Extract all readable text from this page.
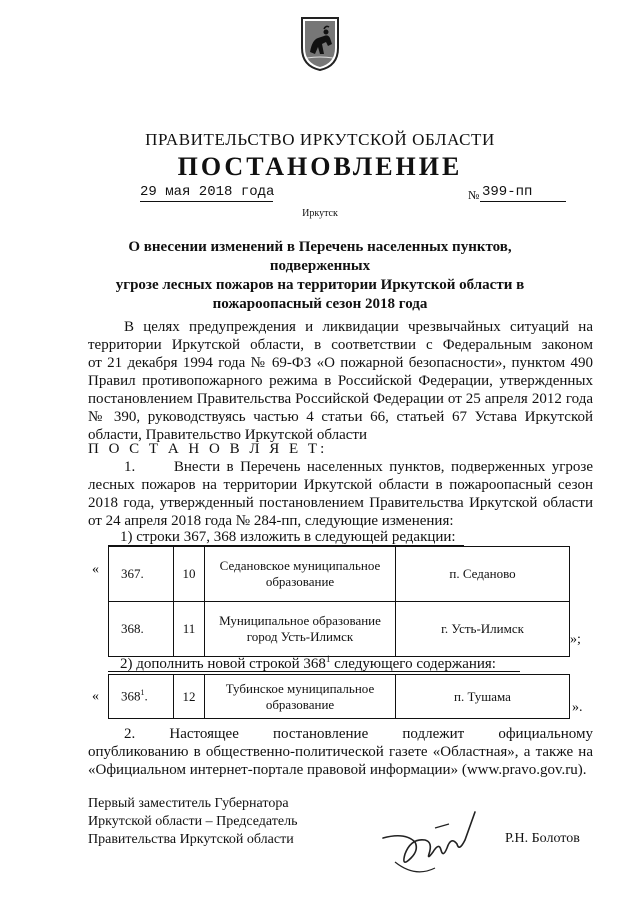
ПРАВИТЕЛЬСТВО ИРКУТСКОЙ ОБЛАСТИ
ПОСТАНОВЛЕНИЕ
29 мая 2018 года	№ 399-пп
Иркутск
О внесении изменений в Перечень населенных пунктов, подверженных
угрозе лесных пожаров на территории Иркутской области в
пожароопасный сезон 2018 года
В целях предупреждения и ликвидации чрезвычайных ситуаций на
территории Иркутской области, в соответствии с Федеральным законом
от 21 декабря 1994 года № 69-ФЗ «О пожарной безопасности», пунктом 490
Правил противопожарного режима в Российской Федерации, утвержденных
постановлением Правительства Российской Федерации от 25 апреля 2012 года
№ 390, руководствуясь частью 4 статьи 66, статьей 67 Устава Иркутской
области, Правительство Иркутской области
П О С Т А Н О В Л Я Е Т:
1.      Внести в Перечень населенных пунктов, подверженных угрозе
лесных пожаров на территории Иркутской области в пожароопасный сезон
2018 года, утвержденный постановлением Правительства Иркутской области
от 24 апреля 2018 года № 284-пп, следующие изменения:
1) строки 367, 368 изложить в следующей редакции:
« 367.	10	Седановское муниципальное образование	п. Седаново
368.	11	Муниципальное образование город Усть-Илимск	г. Усть-Илимск
»;
2) дополнить новой строкой $368^1$ следующего содержания:
« $368^1$.	12	Тубинское муниципальное образование	п. Тушама
».
2. Настоящее постановление подлежит официальному
опубликованию в общественно-политической газете «Областная», а также на
«Официальном интернет-портале правовой информации» (www.pravo.gov.ru).
Первый заместитель Губернатора
Иркутской области – Председатель
Правительства Иркутской области	Р.Н. Болотов
